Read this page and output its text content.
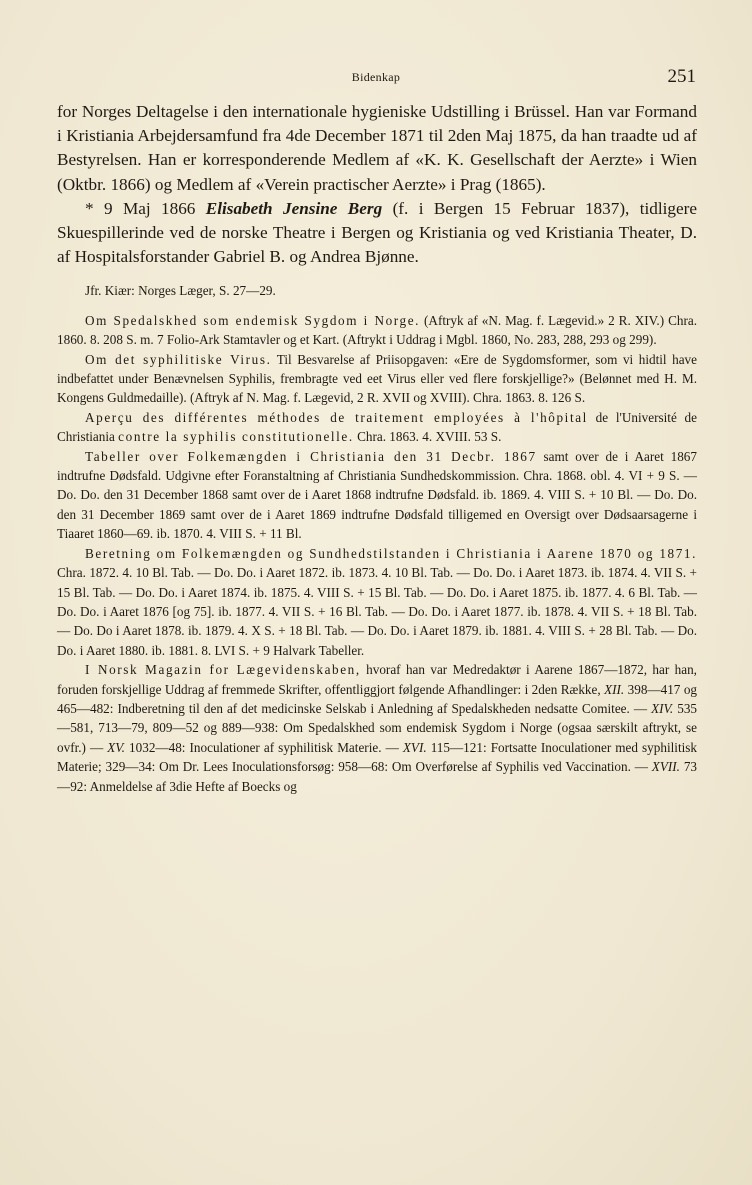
Bidenkap	251

for Norges Deltagelse i den internationale hygieniske Udstilling i Brüssel. Han var Formand i Kristiania Arbejdersamfund fra 4de December 1871 til 2den Maj 1875, da han traadte ud af Bestyrelsen. Han er korresponderende Medlem af «K. K. Gesellschaft der Aerzte» i Wien (Oktbr. 1866) og Medlem af «Verein practischer Aerzte» i Prag (1865).

* 9 Maj 1866 Elisabeth Jensine Berg (f. i Bergen 15 Februar 1837), tidligere Skuespillerinde ved de norske Theatre i Bergen og Kristiania og ved Kristiania Theater, D. af Hospitalsforstander Gabriel B. og Andrea Bjønne.

Jfr. Kiær: Norges Læger, S. 27—29.

Om Spedalskhed som endemisk Sygdom i Norge. (Aftryk af «N. Mag. f. Lægevid.» 2 R. XIV.) Chra. 1860. 8. 208 S. m. 7 Folio-Ark Stamtavler og et Kart. (Aftrykt i Uddrag i Mgbl. 1860, No. 283, 288, 293 og 299).

Om det syphilitiske Virus. Til Besvarelse af Priisopgaven: «Ere de Sygdomsformer, som vi hidtil have indbefattet under Benævnelsen Syphilis, frembragte ved eet Virus eller ved flere forskjellige?» (Belønnet med H. M. Kongens Guldmedaille). (Aftryk af N. Mag. f. Lægevid, 2 R. XVII og XVIII). Chra. 1863. 8. 126 S.

Aperçu des différentes méthodes de traitement employées à l'hôpital de l'Université de Christiania contre la syphilis constitutionelle. Chra. 1863. 4. XVIII. 53 S.

Tabeller over Folkemængden i Christiania den 31 Decbr. 1867 samt over de i Aaret 1867 indtrufne Dødsfald. Udgivne efter Foranstaltning af Christiania Sundhedskommission. Chra. 1868. obl. 4. VI + 9 S. — Do. Do. den 31 December 1868 samt over de i Aaret 1868 indtrufne Dødsfald. ib. 1869. 4. VIII S. + 10 Bl. — Do. Do. den 31 December 1869 samt over de i Aaret 1869 indtrufne Dødsfald tilligemed en Oversigt over Dødsaarsagerne i Tiaaret 1860—69. ib. 1870. 4. VIII S. + 11 Bl.

Beretning om Folkemængden og Sundhedstilstanden i Christiania i Aarene 1870 og 1871. Chra. 1872. 4. 10 Bl. Tab. — Do. Do. i Aaret 1872. ib. 1873. 4. 10 Bl. Tab. — Do. Do. i Aaret 1873. ib. 1874. 4. VII S. + 15 Bl. Tab. — Do. Do. i Aaret 1874. ib. 1875. 4. VIII S. + 15 Bl. Tab. — Do. Do. i Aaret 1875. ib. 1877. 4. 6 Bl. Tab. — Do. Do. i Aaret 1876 [og 75]. ib. 1877. 4. VII S. + 16 Bl. Tab. — Do. Do. i Aaret 1877. ib. 1878. 4. VII S. + 18 Bl. Tab. — Do. Do i Aaret 1878. ib. 1879. 4. X S. + 18 Bl. Tab. — Do. Do. i Aaret 1879. ib. 1881. 4. VIII S. + 28 Bl. Tab. — Do. Do. i Aaret 1880. ib. 1881. 8. LVI S. + 9 Halvark Tabeller.

I Norsk Magazin for Lægevidenskaben, hvoraf han var Medredaktør i Aarene 1867—1872, har han, foruden forskjellige Uddrag af fremmede Skrifter, offentliggjort følgende Afhandlinger: i 2den Række, XII. 398—417 og 465—482: Indberetning til den af det medicinske Selskab i Anledning af Spedalskheden nedsatte Comitee. — XIV. 535—581, 713—79, 809—52 og 889—938: Om Spedalskhed som endemisk Sygdom i Norge (ogsaa særskilt aftrykt, se ovfr.) — XV. 1032—48: Inoculationer af syphilitisk Materie. — XVI. 115—121: Fortsatte Inoculationer med syphilitisk Materie; 329—34: Om Dr. Lees Inoculationsforsøg: 958—68: Om Overførelse af Syphilis ved Vaccination. — XVII. 73—92: Anmeldelse af 3die Hefte af Boecks og
